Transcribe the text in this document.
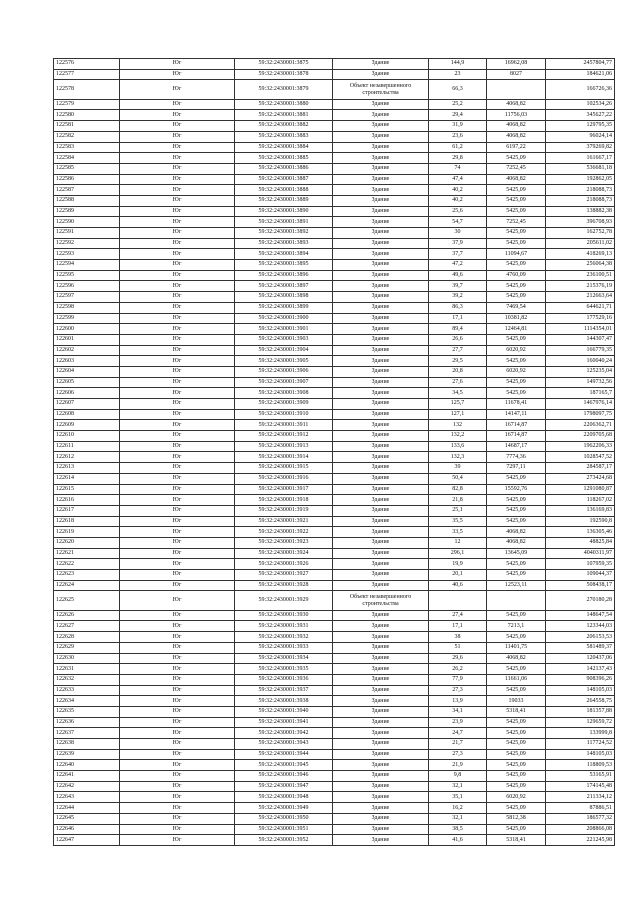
122576	Юг	59:32:2430001:3875	Здание	144,9	16962,08	2457804,77
122577	Юг	59:32:2430001:3878	Здание	23	8027	184621,06
122578	Юг	59:32:2430001:3879	Объект незавершенного строительства	66,3		166726,36
122579	Юг	59:32:2430001:3880	Здание	25,2	4068,82	102534,26
122580	Юг	59:32:2430001:3881	Здание	29,4	11756,03	345627,22
122581	Юг	59:32:2430001:3882	Здание	31,9	4068,82	129795,35
122582	Юг	59:32:2430001:3883	Здание	23,6	4068,82	96024,14
122583	Юг	59:32:2430001:3884	Здание	61,2	6197,22	379269,82
122584	Юг	59:32:2430001:3885	Здание	29,8	5425,09	161667,17
122585	Юг	59:32:2430001:3886	Здание	74	7252,45	536681,18
122586	Юг	59:32:2430001:3887	Здание	47,4	4068,82	192862,05
122587	Юг	59:32:2430001:3888	Здание	40,2	5425,09	218088,73
122588	Юг	59:32:2430001:3889	Здание	40,2	5425,09	218088,73
122589	Юг	59:32:2430001:3890	Здание	25,6	5425,09	138882,38
122590	Юг	59:32:2430001:3891	Здание	54,7	7252,45	396708,93
122591	Юг	59:32:2430001:3892	Здание	30	5425,09	162752,78
122592	Юг	59:32:2430001:3893	Здание	37,9	5425,09	205611,02
122593	Юг	59:32:2430001:3894	Здание	37,7	11094,67	418269,13
122594	Юг	59:32:2430001:3895	Здание	47,2	5425,09	256064,38
122595	Юг	59:32:2430001:3896	Здание	49,6	4760,09	236100,51
122596	Юг	59:32:2430001:3897	Здание	39,7	5425,09	215376,19
122597	Юг	59:32:2430001:3898	Здание	39,2	5425,09	212663,64
122598	Юг	59:32:2430001:3899	Здание	86,3	7469,54	644621,71
122599	Юг	59:32:2430001:3900	Здание	17,1	10381,82	177529,16
122600	Юг	59:32:2430001:3901	Здание	89,4	12464,81	1114354,01
122601	Юг	59:32:2430001:3903	Здание	26,6	5425,09	144307,47
122602	Юг	59:32:2430001:3904	Здание	27,7	6020,92	166779,35
122603	Юг	59:32:2430001:3905	Здание	29,5	5425,09	160040,24
122604	Юг	59:32:2430001:3906	Здание	20,8	6020,92	125235,04
122605	Юг	59:32:2430001:3907	Здание	27,6	5425,09	149732,56
122606	Юг	59:32:2430001:3908	Здание	34,5	5425,09	187165,7
122607	Юг	59:32:2430001:3909	Здание	125,7	11678,41	1467976,14
122608	Юг	59:32:2430001:3910	Здание	127,1	14147,11	1798097,75
122609	Юг	59:32:2430001:3911	Здание	132	16714,87	2206362,71
122610	Юг	59:32:2430001:3912	Здание	132,2	16714,87	2209705,68
122611	Юг	59:32:2430001:3913	Здание	133,6	14687,17	1962206,33
122612	Юг	59:32:2430001:3914	Здание	132,3	7774,36	1028547,52
122613	Юг	59:32:2430001:3915	Здание	39	7297,11	284587,17
122614	Юг	59:32:2430001:3916	Здание	50,4	5425,09	273424,68
122615	Юг	59:32:2430001:3917	Здание	82,8	15592,76	1291080,87
122616	Юг	59:32:2430001:3918	Здание	21,8	5425,09	118267,02
122617	Юг	59:32:2430001:3919	Здание	25,1	5425,09	136169,83
122618	Юг	59:32:2430001:3921	Здание	35,5	5425,09	192590,8
122619	Юг	59:32:2430001:3922	Здание	33,5	4068,82	136305,46
122620	Юг	59:32:2430001:3923	Здание	12	4068,82	48825,84
122621	Юг	59:32:2430001:3924	Здание	296,1	13645,09	4040311,97
122622	Юг	59:32:2430001:3926	Здание	19,9	5425,09	107959,35
122623	Юг	59:32:2430001:3927	Здание	20,1	5425,09	109044,37
122624	Юг	59:32:2430001:3928	Здание	40,6	12523,11	508438,17
122625	Юг	59:32:2430001:3929	Объект незавершенного строительства			270180,28
122626	Юг	59:32:2430001:3930	Здание	27,4	5425,09	148647,54
122627	Юг	59:32:2430001:3931	Здание	17,1	7213,1	123344,03
122628	Юг	59:32:2430001:3932	Здание	38	5425,09	206153,53
122629	Юг	59:32:2430001:3933	Здание	51	11401,75	581489,37
122630	Юг	59:32:2430001:3934	Здание	29,6	4068,82	120437,06
122631	Юг	59:32:2430001:3935	Здание	26,2	5425,09	142137,43
122632	Юг	59:32:2430001:3936	Здание	77,9	11661,06	908396,26
122633	Юг	59:32:2430001:3937	Здание	27,3	5425,09	148105,03
122634	Юг	59:32:2430001:3938	Здание	13,9	19033	264558,75
122635	Юг	59:32:2430001:3940	Здание	34,1	5318,41	181357,88
122636	Юг	59:32:2430001:3941	Здание	23,9	5425,09	129659,72
122637	Юг	59:32:2430001:3942	Здание	24,7	5425,09	133999,8
122638	Юг	59:32:2430001:3943	Здание	21,7	5425,09	117724,52
122639	Юг	59:32:2430001:3944	Здание	27,3	5425,09	148105,03
122640	Юг	59:32:2430001:3945	Здание	21,9	5425,09	118809,53
122641	Юг	59:32:2430001:3946	Здание	9,8	5425,09	53165,91
122642	Юг	59:32:2430001:3947	Здание	32,1	5425,09	174145,48
122643	Юг	59:32:2430001:3948	Здание	35,1	6020,92	211334,12
122644	Юг	59:32:2430001:3949	Здание	16,2	5425,09	87886,51
122645	Юг	59:32:2430001:3950	Здание	32,1	5812,38	186577,32
122646	Юг	59:32:2430001:3951	Здание	38,5	5425,09	208866,08
122647	Юг	59:32:2430001:3952	Здание	41,6	5318,41	221245,98
